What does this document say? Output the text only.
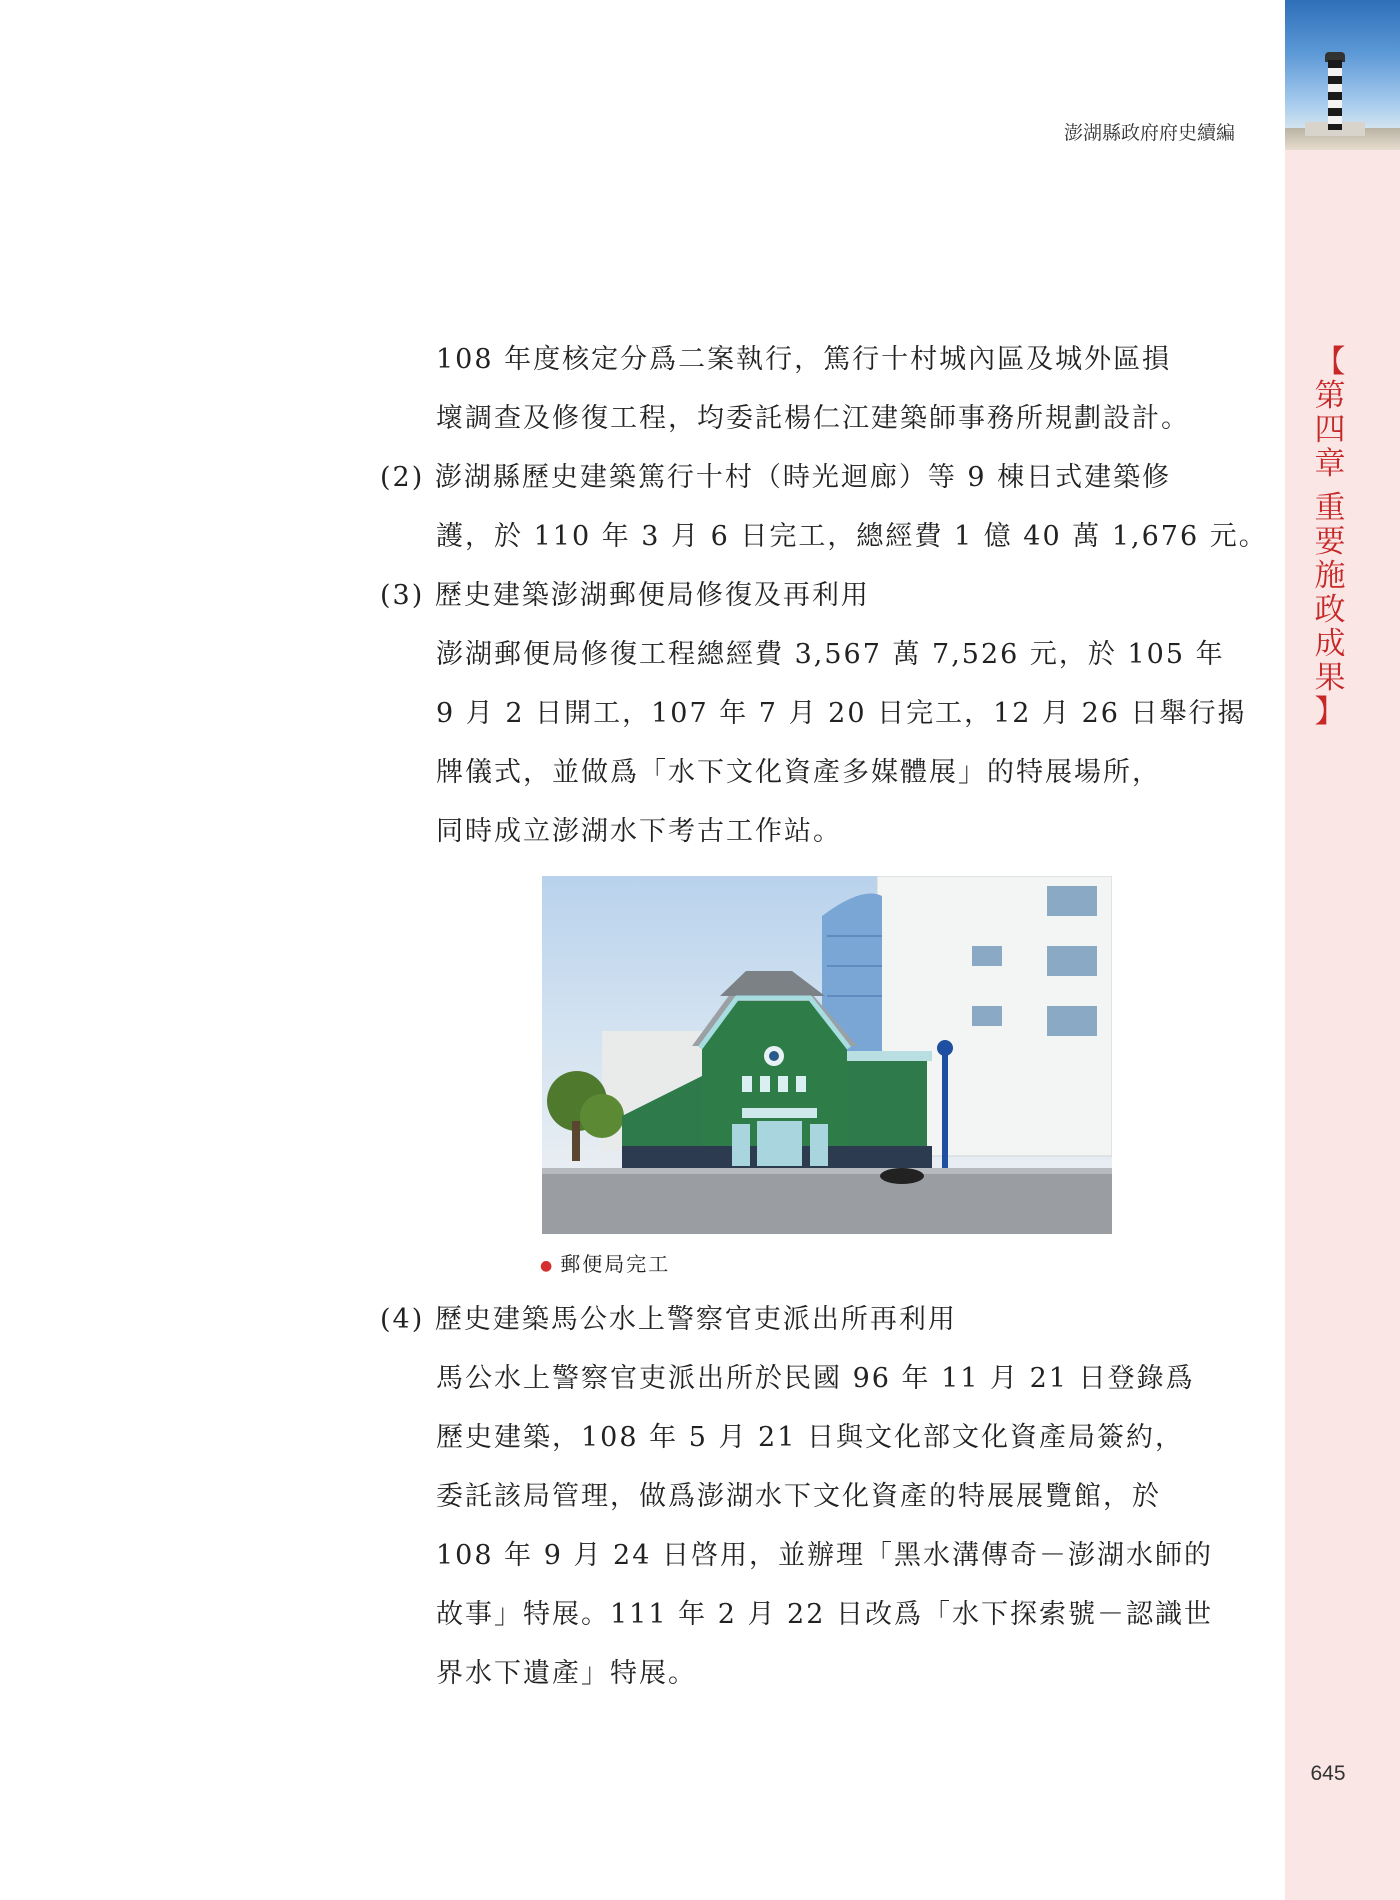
【
第
四
章
重
要
施
政
成
果
】
澎湖縣政府府史續編
108 年度核定分爲二案執行，篤行十村城內區及城外區損
壞調查及修復工程，均委託楊仁江建築師事務所規劃設計。
(2) 澎湖縣歷史建築篤行十村（時光迴廊）等 9 棟日式建築修
護，於 110 年 3 月 6 日完工，總經費 1 億 40 萬 1,676 元。
(3) 歷史建築澎湖郵便局修復及再利用
澎湖郵便局修復工程總經費 3,567 萬 7,526 元，於 105 年
9 月 2 日開工，107 年 7 月 20 日完工，12 月 26 日舉行揭
牌儀式，並做爲「水下文化資產多媒體展」的特展場所，
同時成立澎湖水下考古工作站。
(4) 歷史建築馬公水上警察官吏派出所再利用
馬公水上警察官吏派出所於民國 96 年 11 月 21 日登錄爲
歷史建築，108 年 5 月 21 日與文化部文化資產局簽約，
委託該局管理，做爲澎湖水下文化資產的特展展覽館，於
108 年 9 月 24 日啓用，並辦理「黑水溝傳奇－澎湖水師的
故事」特展。111 年 2 月 22 日改爲「水下探索號－認識世
界水下遺產」特展。
● 郵便局完工
645
